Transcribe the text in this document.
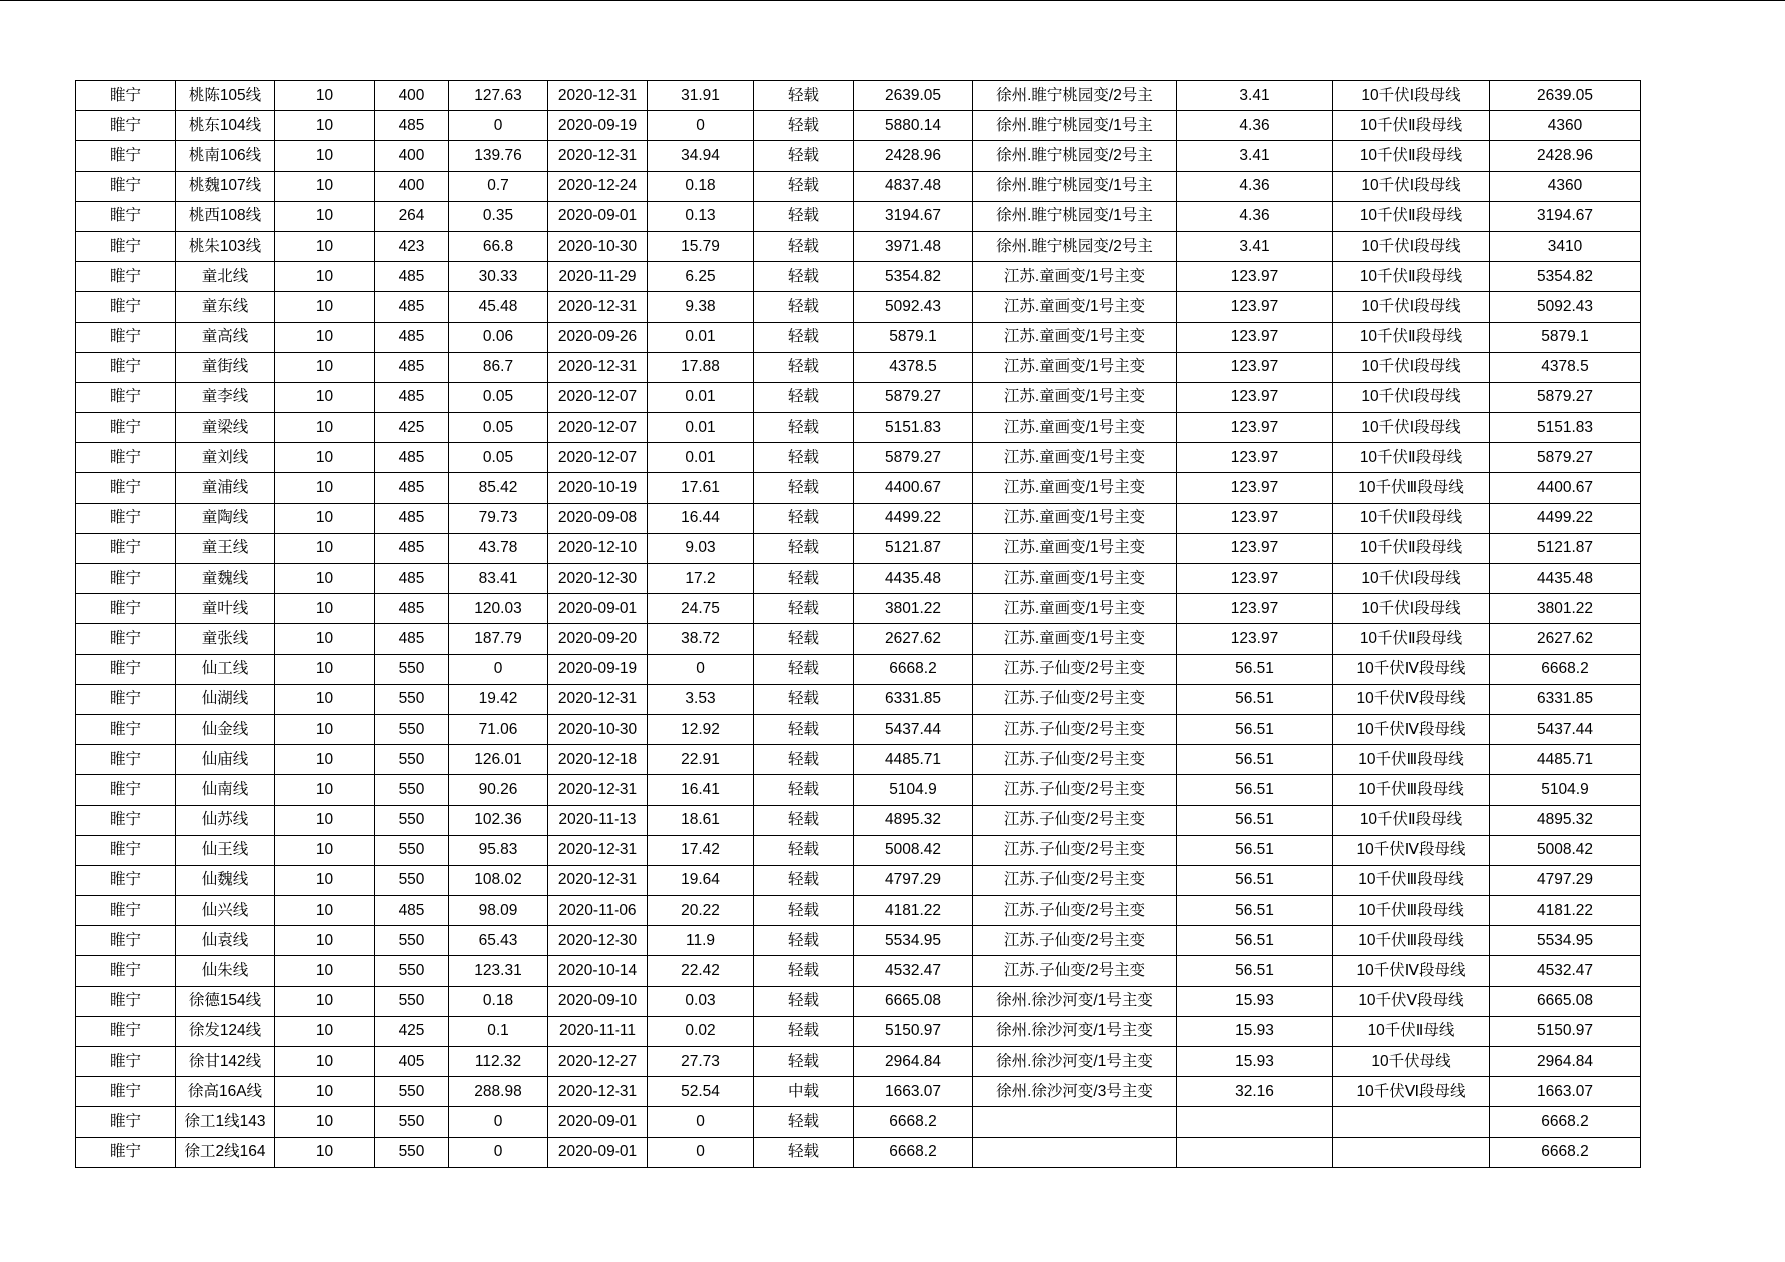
睢宁	桃陈105线	10	400	127.63	2020-12-31	31.91	轻载	2639.05	徐州.睢宁桃园变/2号主	3.41	10千伏Ⅰ段母线	2639.05
睢宁	桃东104线	10	485	0	2020-09-19	0	轻载	5880.14	徐州.睢宁桃园变/1号主	4.36	10千伏Ⅱ段母线	4360
睢宁	桃南106线	10	400	139.76	2020-12-31	34.94	轻载	2428.96	徐州.睢宁桃园变/2号主	3.41	10千伏Ⅱ段母线	2428.96
睢宁	桃魏107线	10	400	0.7	2020-12-24	0.18	轻载	4837.48	徐州.睢宁桃园变/1号主	4.36	10千伏Ⅰ段母线	4360
睢宁	桃西108线	10	264	0.35	2020-09-01	0.13	轻载	3194.67	徐州.睢宁桃园变/1号主	4.36	10千伏Ⅱ段母线	3194.67
睢宁	桃朱103线	10	423	66.8	2020-10-30	15.79	轻载	3971.48	徐州.睢宁桃园变/2号主	3.41	10千伏Ⅰ段母线	3410
睢宁	童北线	10	485	30.33	2020-11-29	6.25	轻载	5354.82	江苏.童画变/1号主变	123.97	10千伏Ⅱ段母线	5354.82
睢宁	童东线	10	485	45.48	2020-12-31	9.38	轻载	5092.43	江苏.童画变/1号主变	123.97	10千伏Ⅰ段母线	5092.43
睢宁	童高线	10	485	0.06	2020-09-26	0.01	轻载	5879.1	江苏.童画变/1号主变	123.97	10千伏Ⅱ段母线	5879.1
睢宁	童街线	10	485	86.7	2020-12-31	17.88	轻载	4378.5	江苏.童画变/1号主变	123.97	10千伏Ⅰ段母线	4378.5
睢宁	童李线	10	485	0.05	2020-12-07	0.01	轻载	5879.27	江苏.童画变/1号主变	123.97	10千伏Ⅰ段母线	5879.27
睢宁	童梁线	10	425	0.05	2020-12-07	0.01	轻载	5151.83	江苏.童画变/1号主变	123.97	10千伏Ⅰ段母线	5151.83
睢宁	童刘线	10	485	0.05	2020-12-07	0.01	轻载	5879.27	江苏.童画变/1号主变	123.97	10千伏Ⅱ段母线	5879.27
睢宁	童浦线	10	485	85.42	2020-10-19	17.61	轻载	4400.67	江苏.童画变/1号主变	123.97	10千伏Ⅲ段母线	4400.67
睢宁	童陶线	10	485	79.73	2020-09-08	16.44	轻载	4499.22	江苏.童画变/1号主变	123.97	10千伏Ⅱ段母线	4499.22
睢宁	童王线	10	485	43.78	2020-12-10	9.03	轻载	5121.87	江苏.童画变/1号主变	123.97	10千伏Ⅱ段母线	5121.87
睢宁	童魏线	10	485	83.41	2020-12-30	17.2	轻载	4435.48	江苏.童画变/1号主变	123.97	10千伏Ⅰ段母线	4435.48
睢宁	童叶线	10	485	120.03	2020-09-01	24.75	轻载	3801.22	江苏.童画变/1号主变	123.97	10千伏Ⅰ段母线	3801.22
睢宁	童张线	10	485	187.79	2020-09-20	38.72	轻载	2627.62	江苏.童画变/1号主变	123.97	10千伏Ⅱ段母线	2627.62
睢宁	仙工线	10	550	0	2020-09-19	0	轻载	6668.2	江苏.子仙变/2号主变	56.51	10千伏Ⅳ段母线	6668.2
睢宁	仙湖线	10	550	19.42	2020-12-31	3.53	轻载	6331.85	江苏.子仙变/2号主变	56.51	10千伏Ⅳ段母线	6331.85
睢宁	仙金线	10	550	71.06	2020-10-30	12.92	轻载	5437.44	江苏.子仙变/2号主变	56.51	10千伏Ⅳ段母线	5437.44
睢宁	仙庙线	10	550	126.01	2020-12-18	22.91	轻载	4485.71	江苏.子仙变/2号主变	56.51	10千伏Ⅲ段母线	4485.71
睢宁	仙南线	10	550	90.26	2020-12-31	16.41	轻载	5104.9	江苏.子仙变/2号主变	56.51	10千伏Ⅲ段母线	5104.9
睢宁	仙苏线	10	550	102.36	2020-11-13	18.61	轻载	4895.32	江苏.子仙变/2号主变	56.51	10千伏Ⅱ段母线	4895.32
睢宁	仙王线	10	550	95.83	2020-12-31	17.42	轻载	5008.42	江苏.子仙变/2号主变	56.51	10千伏Ⅳ段母线	5008.42
睢宁	仙魏线	10	550	108.02	2020-12-31	19.64	轻载	4797.29	江苏.子仙变/2号主变	56.51	10千伏Ⅲ段母线	4797.29
睢宁	仙兴线	10	485	98.09	2020-11-06	20.22	轻载	4181.22	江苏.子仙变/2号主变	56.51	10千伏Ⅲ段母线	4181.22
睢宁	仙袁线	10	550	65.43	2020-12-30	11.9	轻载	5534.95	江苏.子仙变/2号主变	56.51	10千伏Ⅲ段母线	5534.95
睢宁	仙朱线	10	550	123.31	2020-10-14	22.42	轻载	4532.47	江苏.子仙变/2号主变	56.51	10千伏Ⅳ段母线	4532.47
睢宁	徐德154线	10	550	0.18	2020-09-10	0.03	轻载	6665.08	徐州.徐沙河变/1号主变	15.93	10千伏Ⅴ段母线	6665.08
睢宁	徐发124线	10	425	0.1	2020-11-11	0.02	轻载	5150.97	徐州.徐沙河变/1号主变	15.93	10千伏Ⅱ母线	5150.97
睢宁	徐甘142线	10	405	112.32	2020-12-27	27.73	轻载	2964.84	徐州.徐沙河变/1号主变	15.93	10千伏母线	2964.84
睢宁	徐高16A线	10	550	288.98	2020-12-31	52.54	中载	1663.07	徐州.徐沙河变/3号主变	32.16	10千伏Ⅵ段母线	1663.07
睢宁	徐工1线143	10	550	0	2020-09-01	0	轻载	6668.2				6668.2
睢宁	徐工2线164	10	550	0	2020-09-01	0	轻载	6668.2				6668.2
